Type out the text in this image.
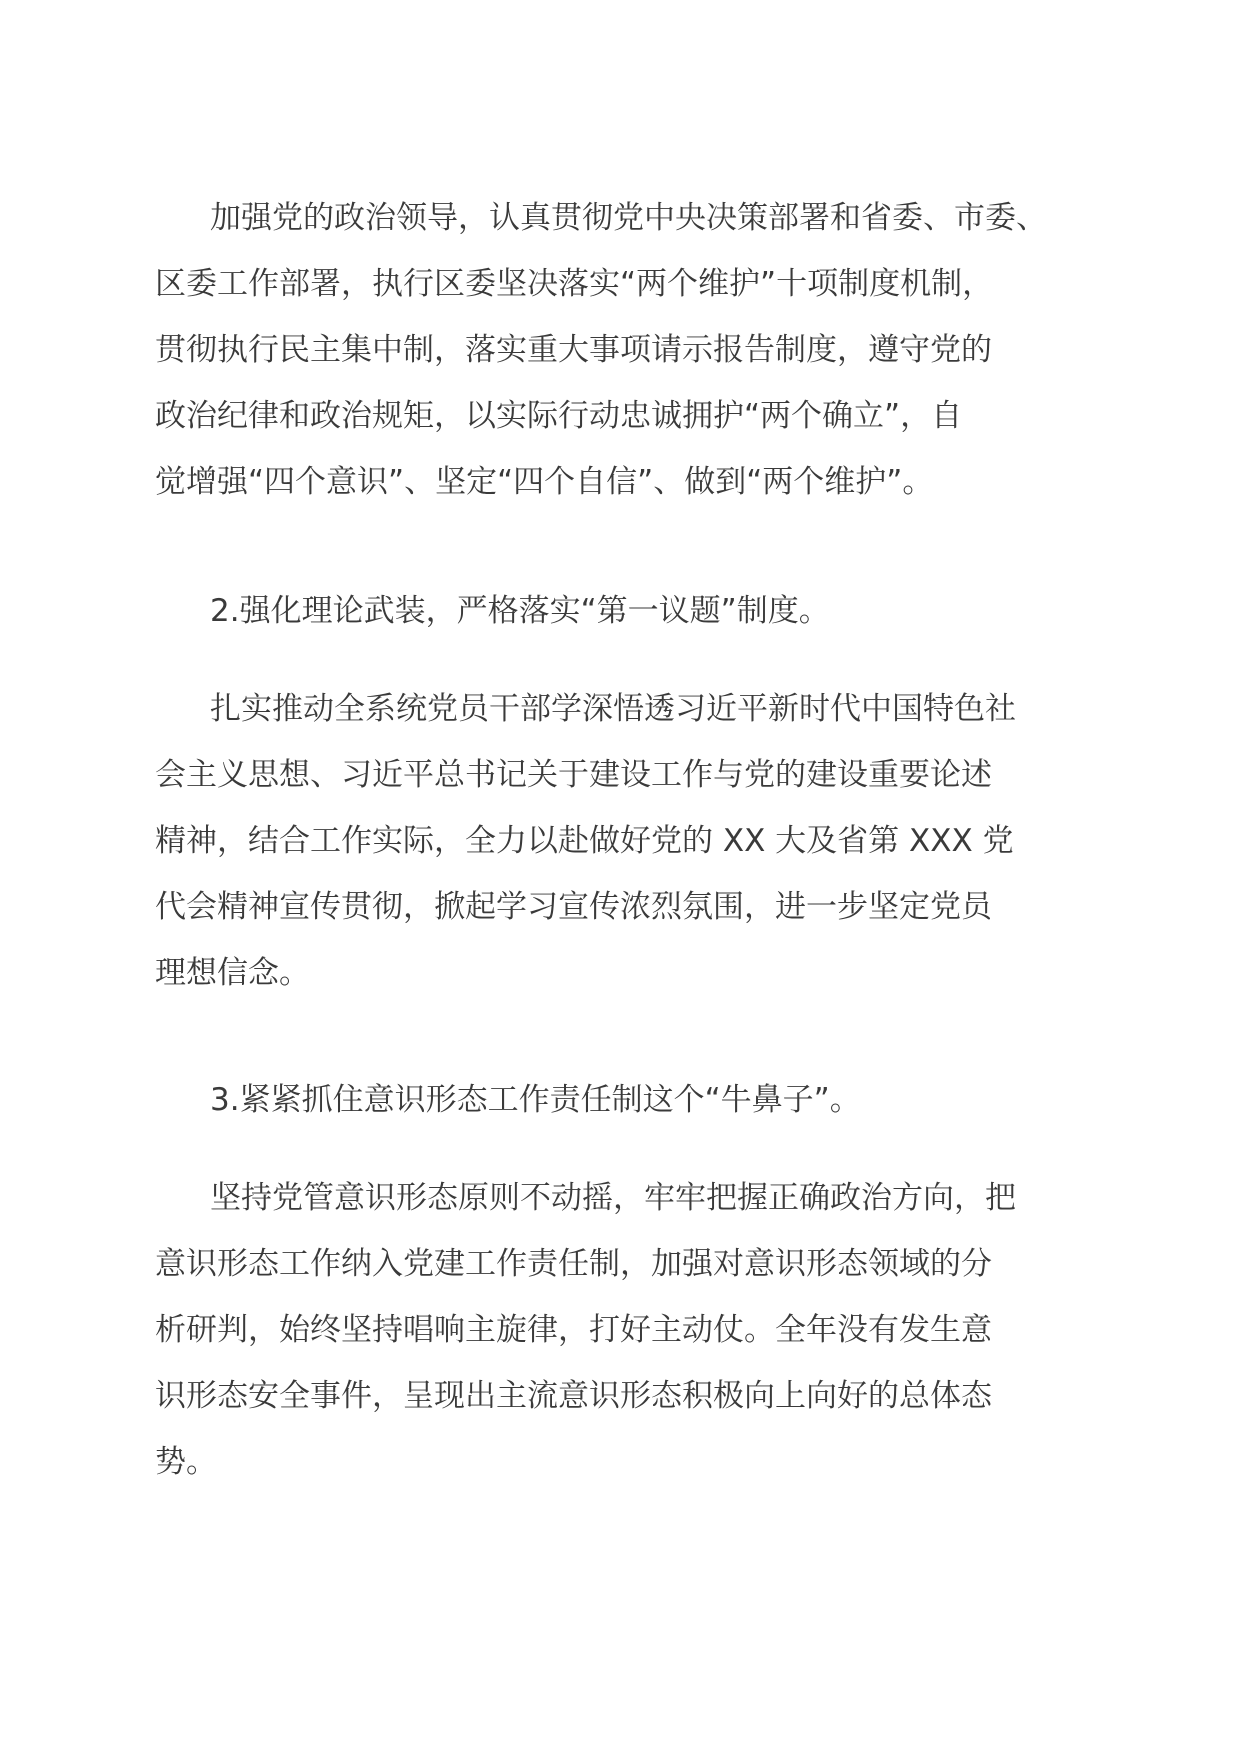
加强党的政治领导，认真贯彻党中央决策部署和省委、市委、
区委工作部署，执行区委坚决落实“两个维护”十项制度机制，
贯彻执行民主集中制，落实重大事项请示报告制度，遵守党的
政治纪律和政治规矩，以实际行动忠诚拥护“两个确立”，自
觉增强“四个意识”、坚定“四个自信”、做到“两个维护”。
2.强化理论武装，严格落实“第一议题”制度。
扎实推动全系统党员干部学深悟透习近平新时代中国特色社
会主义思想、习近平总书记关于建设工作与党的建设重要论述
精神，结合工作实际，全力以赴做好党的 XX 大及省第 XXX 党
代会精神宣传贯彻，掀起学习宣传浓烈氛围，进一步坚定党员
理想信念。
3.紧紧抓住意识形态工作责任制这个“牛鼻子”。
坚持党管意识形态原则不动摇，牢牢把握正确政治方向，把
意识形态工作纳入党建工作责任制，加强对意识形态领域的分
析研判，始终坚持唱响主旋律，打好主动仗。全年没有发生意
识形态安全事件，呈现出主流意识形态积极向上向好的总体态
势。
